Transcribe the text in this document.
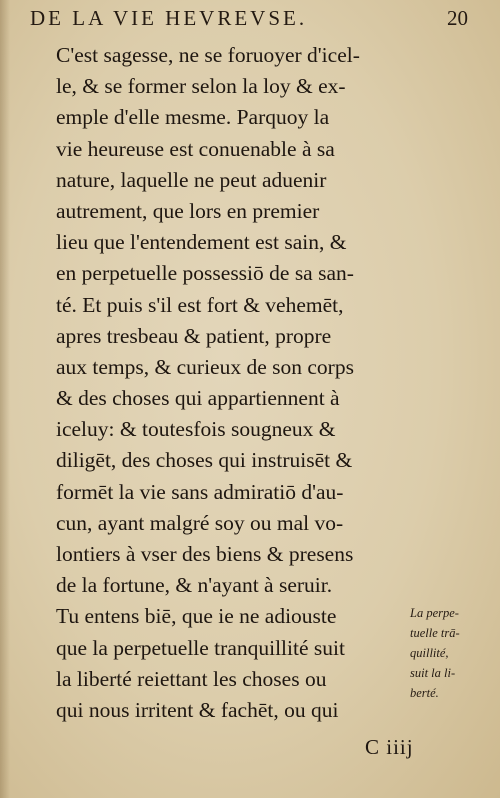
DE LA VIE HEVREVSE.	20
C'est sagesse, ne se foruoyer d'icel-
le, & se former selon la loy & ex-
emple d'elle mesme. Parquoy la
vie heureuse est conuenable à sa
nature, laquelle ne peut aduenir
autrement, que lors en premier
lieu que l'entendement est sain, &
en perpetuelle possessiō de sa san-
té. Et puis s'il est fort & vehemēt,
apres tresbeau & patient, propre
aux temps, & curieux de son corps
& des choses qui appartiennent à
iceluy: & toutesfois sougneux &
diligēt, des choses qui instruisēt &
formēt la vie sans admiratiō d'au-
cun, ayant malgré soy ou mal vo-
lontiers à vser des biens & presens
de la fortune, & n'ayant à seruir.
Tu entens biē, que ie ne adiouste
que la perpetuelle tranquillité suit
la liberté reiettant les choses ou
qui nous irritent & fachēt, ou qui
La perpe-
tuelle trā-
quillité,
suit la li-
berté.
C iiij
